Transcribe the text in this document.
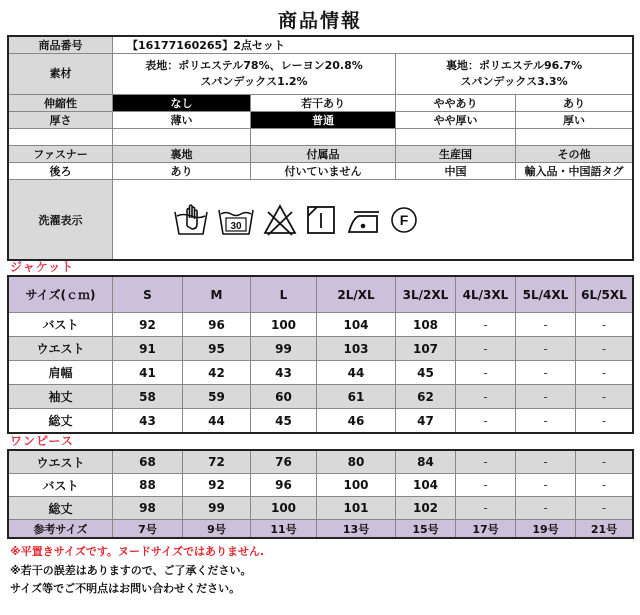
商品情報
商品番号	【16177160265】2点セット			
素材	
表地：ポリエステル78%、レーヨン20.8%
スパンデックス1.2%

裏地：ポリエステル96.7%
スパンデックス3.3%

伸縮性	なし	若干あり	ややあり	あり
厚さ	薄い	普通	やや厚い	厚い

ファスナー	裏地	付属品	生産国	その他
後ろ	あり	付いていません	中国	輸入品・中国語タグ
洗濯表示	30 F			
ジャケット
サイズ(ｃｍ)	S	M	L	2L/XL	3L/2XL	4L/3XL	5L/4XL	6L/5XL
バスト	92	96	100	104	108	-	-	-
ウエスト	91	95	99	103	107	-	-	-
肩幅	41	42	43	44	45	-	-	-
袖丈	58	59	60	61	62	-	-	-
総丈	43	44	45	46	47	-	-	-
ワンピース
ウエスト	68	72	76	80	84	-	-	-
バスト	88	92	96	100	104	-	-	-
総丈	98	99	100	101	102	-	-	-
参考サイズ	7号	9号	11号	13号	15号	17号	19号	21号
※平置きサイズです。ヌードサイズではありません.
※若干の誤差はありますので、ご了承ください。
サイズ等でご不明点はお問い合わせください。
